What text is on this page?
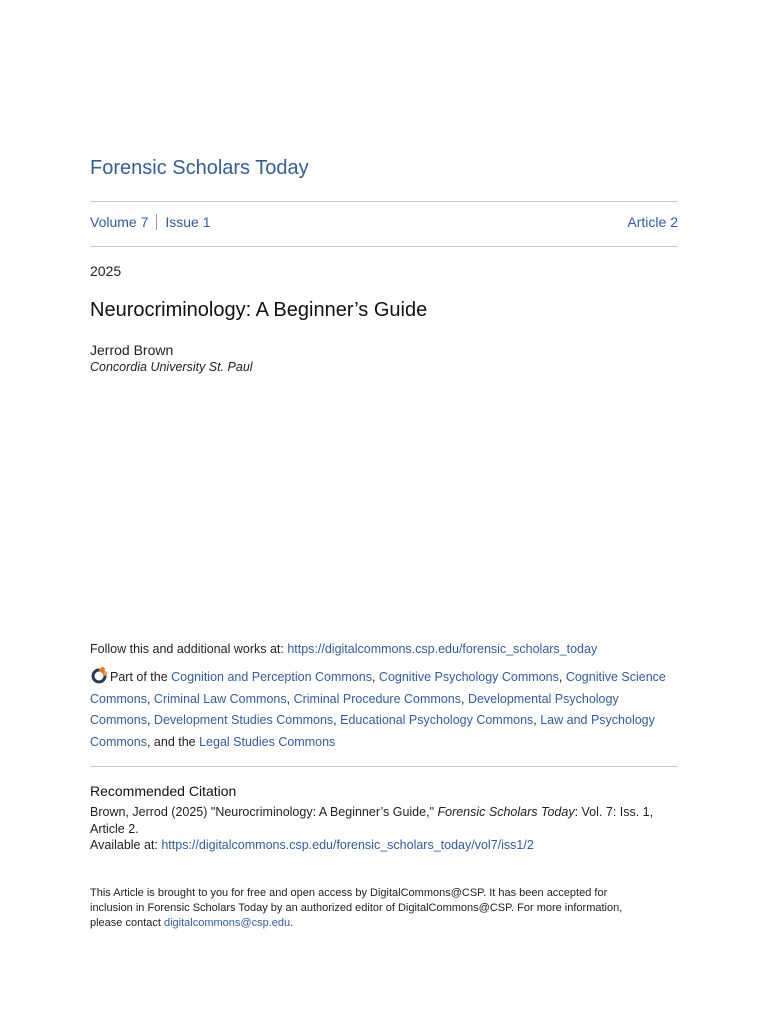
Forensic Scholars Today
Volume 7 Issue 1	Article 2
2025
Neurocriminology: A Beginner’s Guide
Jerrod Brown
Concordia University St. Paul
Follow this and additional works at: https://digitalcommons.csp.edu/forensic_scholars_today
Part of the Cognition and Perception Commons, Cognitive Psychology Commons, Cognitive Science Commons, Criminal Law Commons, Criminal Procedure Commons, Developmental Psychology Commons, Development Studies Commons, Educational Psychology Commons, Law and Psychology Commons, and the Legal Studies Commons
Recommended Citation
Brown, Jerrod (2025) "Neurocriminology: A Beginner’s Guide," Forensic Scholars Today: Vol. 7: Iss. 1, Article 2.
Available at: https://digitalcommons.csp.edu/forensic_scholars_today/vol7/iss1/2
This Article is brought to you for free and open access by DigitalCommons@CSP. It has been accepted for inclusion in Forensic Scholars Today by an authorized editor of DigitalCommons@CSP. For more information, please contact digitalcommons@csp.edu.
